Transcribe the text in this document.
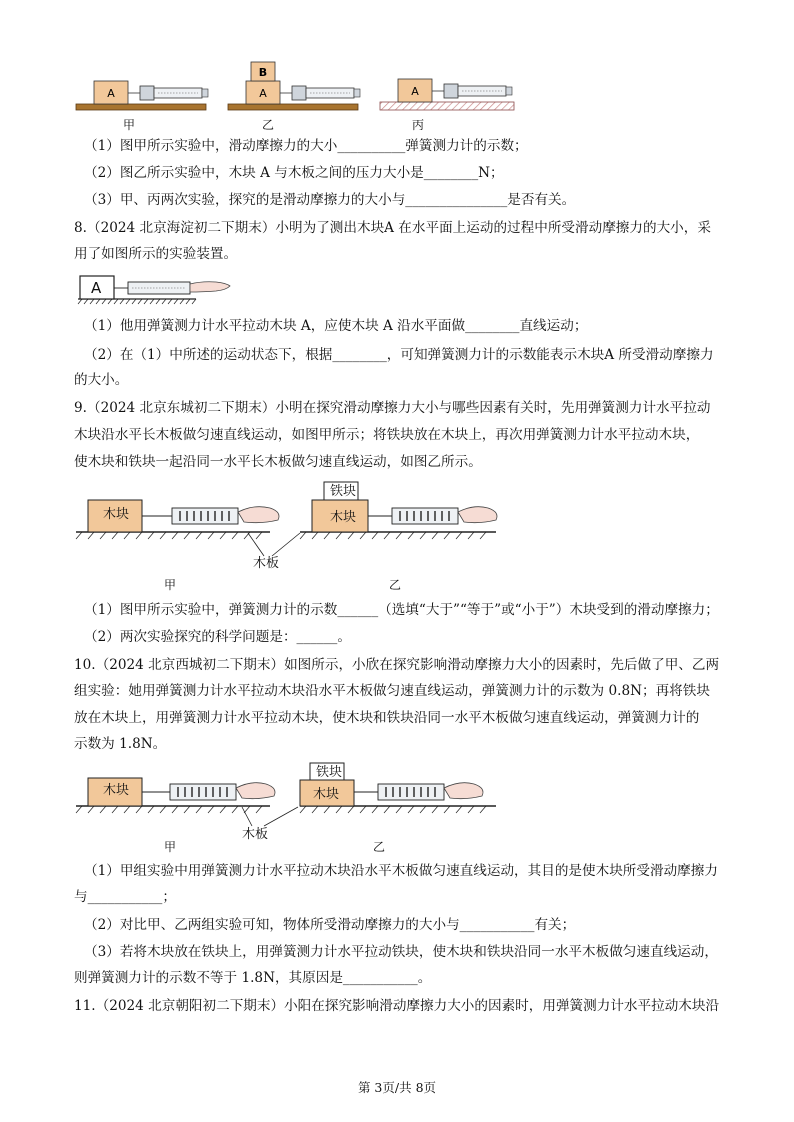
A	A
B
A
甲	乙	丙
（1）图甲所示实验中，滑动摩擦力的大小__________弹簧测力计的示数；
（2）图乙所示实验中，木块 A 与木板之间的压力大小是________N；
（3）甲、丙两次实验，探究的是滑动摩擦力的大小与_______________是否有关。
8.（2024 北京海淀初二下期末）小明为了测出木块A 在水平面上运动的过程中所受滑动摩擦力的大小，采
用了如图所示的实验装置。
A
（1）他用弹簧测力计水平拉动木块 A，应使木块 A 沿水平面做________直线运动；
（2）在（1）中所述的运动状态下，根据________，可知弹簧测力计的示数能表示木块A 所受滑动摩擦力
的大小。
9.（2024 北京东城初二下期末）小明在探究滑动摩擦力大小与哪些因素有关时，先用弹簧测力计水平拉动
木块沿水平长木板做匀速直线运动，如图甲所示；将铁块放在木块上，再次用弹簧测力计水平拉动木块，
使木块和铁块一起沿同一水平长木板做匀速直线运动，如图乙所示。
木块
铁块
木块
木板
甲	乙
（1）图甲所示实验中，弹簧测力计的示数______（选填“大于”“等于”或“小于”）木块受到的滑动摩擦力；
（2）两次实验探究的科学问题是：______。
10.（2024 北京西城初二下期末）如图所示，小欣在探究影响滑动摩擦力大小的因素时，先后做了甲、乙两
组实验：她用弹簧测力计水平拉动木块沿水平木板做匀速直线运动，弹簧测力计的示数为 0.8N；再将铁块
放在木块上，用弹簧测力计水平拉动木块，使木块和铁块沿同一水平木板做匀速直线运动，弹簧测力计的
示数为 1.8N。
木块
铁块
木块
木板
甲	乙
（1）甲组实验中用弹簧测力计水平拉动木块沿水平木板做匀速直线运动，其目的是使木块所受滑动摩擦力
与___________；
（2）对比甲、乙两组实验可知，物体所受滑动摩擦力的大小与___________有关；
（3）若将木块放在铁块上，用弹簧测力计水平拉动铁块，使木块和铁块沿同一水平木板做匀速直线运动，
则弹簧测力计的示数不等于 1.8N，其原因是___________。
11.（2024 北京朝阳初二下期末）小阳在探究影响滑动摩擦力大小的因素时，用弹簧测力计水平拉动木块沿
第 3页/共 8页
